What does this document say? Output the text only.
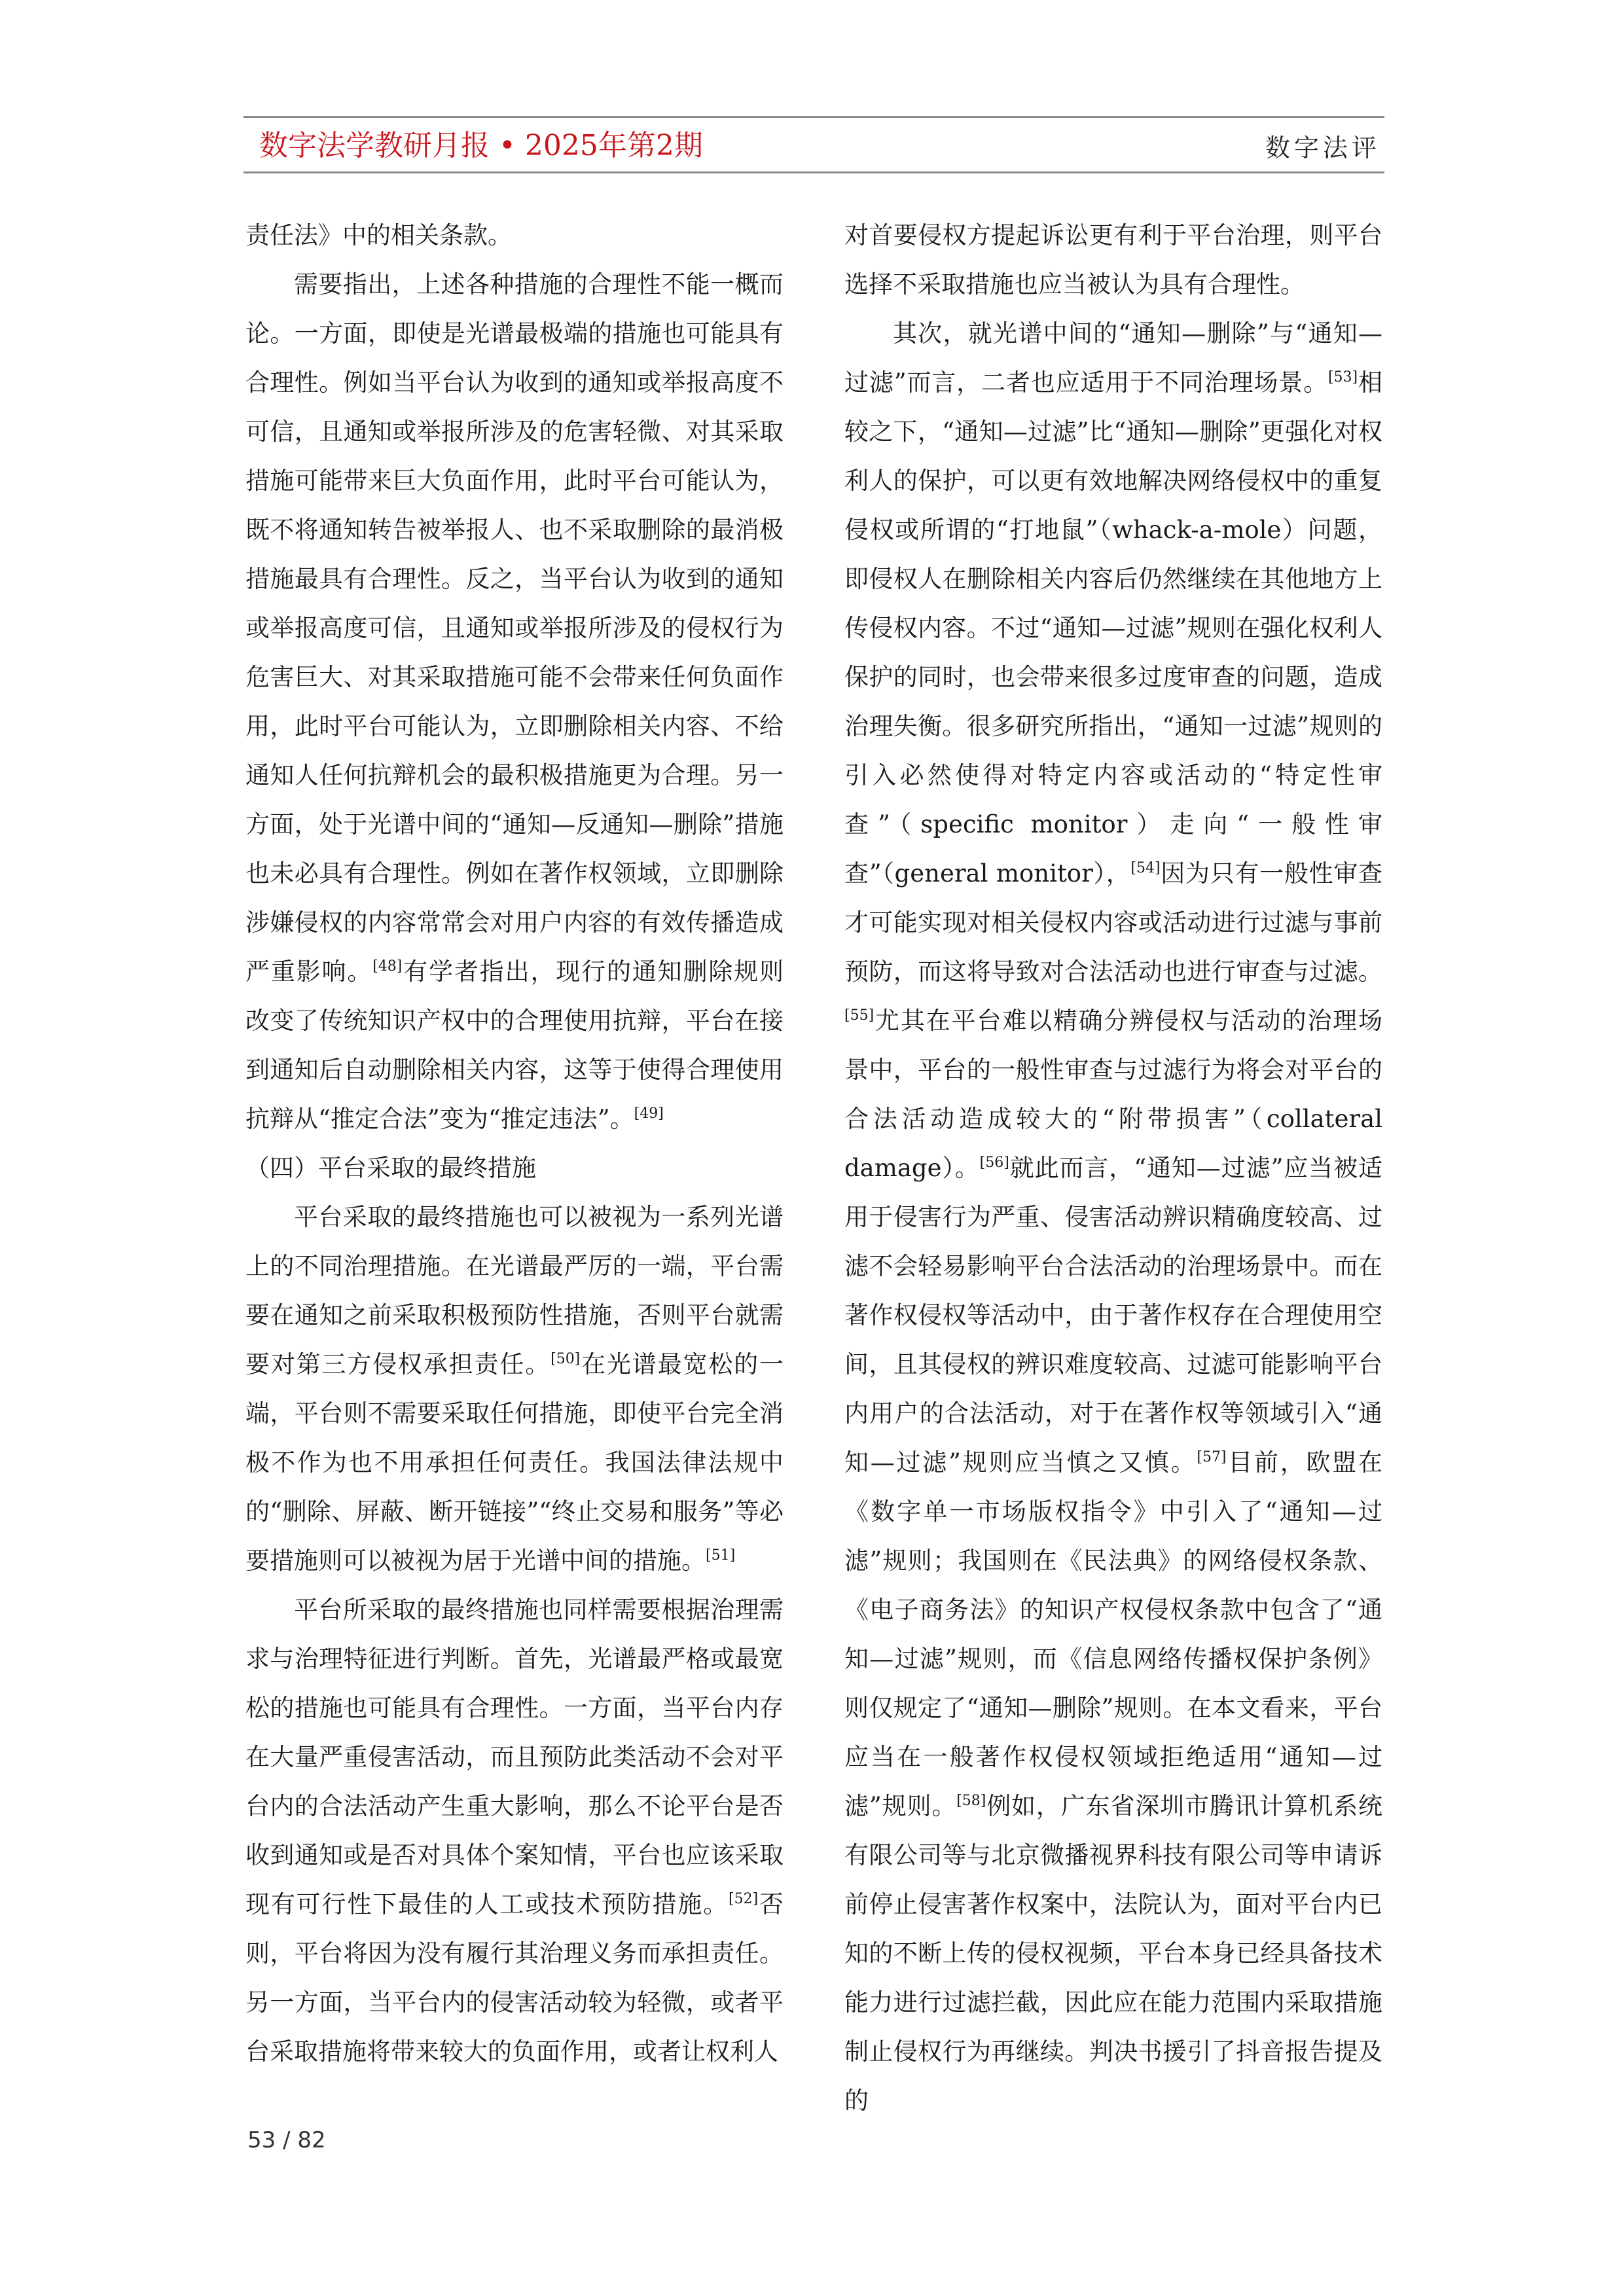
数字法学教研月报 • 2025年第2期	数字法评

责任法》中的相关条款。

需要指出，上述各种措施的合理性不能一概而论。一方面，即使是光谱最极端的措施也可能具有合理性。例如当平台认为收到的通知或举报高度不可信，且通知或举报所涉及的危害轻微、对其采取措施可能带来巨大负面作用，此时平台可能认为，既不将通知转告被举报人、也不采取删除的最消极措施最具有合理性。反之，当平台认为收到的通知或举报高度可信，且通知或举报所涉及的侵权行为危害巨大、对其采取措施可能不会带来任何负面作用，此时平台可能认为，立即删除相关内容、不给通知人任何抗辩机会的最积极措施更为合理。另一方面，处于光谱中间的“通知—反通知—删除”措施也未必具有合理性。例如在著作权领域，立即删除涉嫌侵权的内容常常会对用户内容的有效传播造成严重影响。[48]有学者指出，现行的通知删除规则改变了传统知识产权中的合理使用抗辩，平台在接到通知后自动删除相关内容，这等于使得合理使用抗辩从“推定合法”变为“推定违法”。[49]

（四）平台采取的最终措施

平台采取的最终措施也可以被视为一系列光谱上的不同治理措施。在光谱最严厉的一端，平台需要在通知之前采取积极预防性措施，否则平台就需要对第三方侵权承担责任。[50]在光谱最宽松的一端，平台则不需要采取任何措施，即使平台完全消极不作为也不用承担任何责任。我国法律法规中的“删除、屏蔽、断开链接”“终止交易和服务”等必要措施则可以被视为居于光谱中间的措施。[51]

平台所采取的最终措施也同样需要根据治理需求与治理特征进行判断。首先，光谱最严格或最宽松的措施也可能具有合理性。一方面，当平台内存在大量严重侵害活动，而且预防此类活动不会对平台内的合法活动产生重大影响，那么不论平台是否收到通知或是否对具体个案知情，平台也应该采取现有可行性下最佳的人工或技术预防措施。[52]否则，平台将因为没有履行其治理义务而承担责任。另一方面，当平台内的侵害活动较为轻微，或者平台采取措施将带来较大的负面作用，或者让权利人

对首要侵权方提起诉讼更有利于平台治理，则平台选择不采取措施也应当被认为具有合理性。

其次，就光谱中间的“通知—删除”与“通知—过滤”而言，二者也应适用于不同治理场景。[53]相较之下，“通知—过滤”比“通知—删除”更强化对权利人的保护，可以更有效地解决网络侵权中的重复侵权或所谓的“打地鼠”（whack-a-mole）问题，即侵权人在删除相关内容后仍然继续在其他地方上传侵权内容。不过“通知—过滤”规则在强化权利人保护的同时，也会带来很多过度审查的问题，造成治理失衡。很多研究所指出，“通知一过滤”规则的引入必然使得对特定内容或活动的“特定性审查”（specific monitor）走向“一般性审查”（general monitor），[54]因为只有一般性审查才可能实现对相关侵权内容或活动进行过滤与事前预防，而这将导致对合法活动也进行审查与过滤。[55]尤其在平台难以精确分辨侵权与活动的治理场景中，平台的一般性审查与过滤行为将会对平台的合法活动造成较大的“附带损害”（collateral damage）。[56]就此而言，“通知—过滤”应当被适用于侵害行为严重、侵害活动辨识精确度较高、过滤不会轻易影响平台合法活动的治理场景中。而在著作权侵权等活动中，由于著作权存在合理使用空间，且其侵权的辨识难度较高、过滤可能影响平台内用户的合法活动，对于在著作权等领域引入“通知—过滤”规则应当慎之又慎。[57]目前，欧盟在《数字单一市场版权指令》中引入了“通知—过滤”规则；我国则在《民法典》的网络侵权条款、《电子商务法》的知识产权侵权条款中包含了“通知—过滤”规则，而《信息网络传播权保护条例》则仅规定了“通知—删除”规则。在本文看来，平台应当在一般著作权侵权领域拒绝适用“通知—过滤”规则。[58]例如，广东省深圳市腾讯计算机系统有限公司等与北京微播视界科技有限公司等申请诉前停止侵害著作权案中，法院认为，面对平台内已知的不断上传的侵权视频，平台本身已经具备技术能力进行过滤拦截，因此应在能力范围内采取措施制止侵权行为再继续。判决书援引了抖音报告提及的

53 / 82
